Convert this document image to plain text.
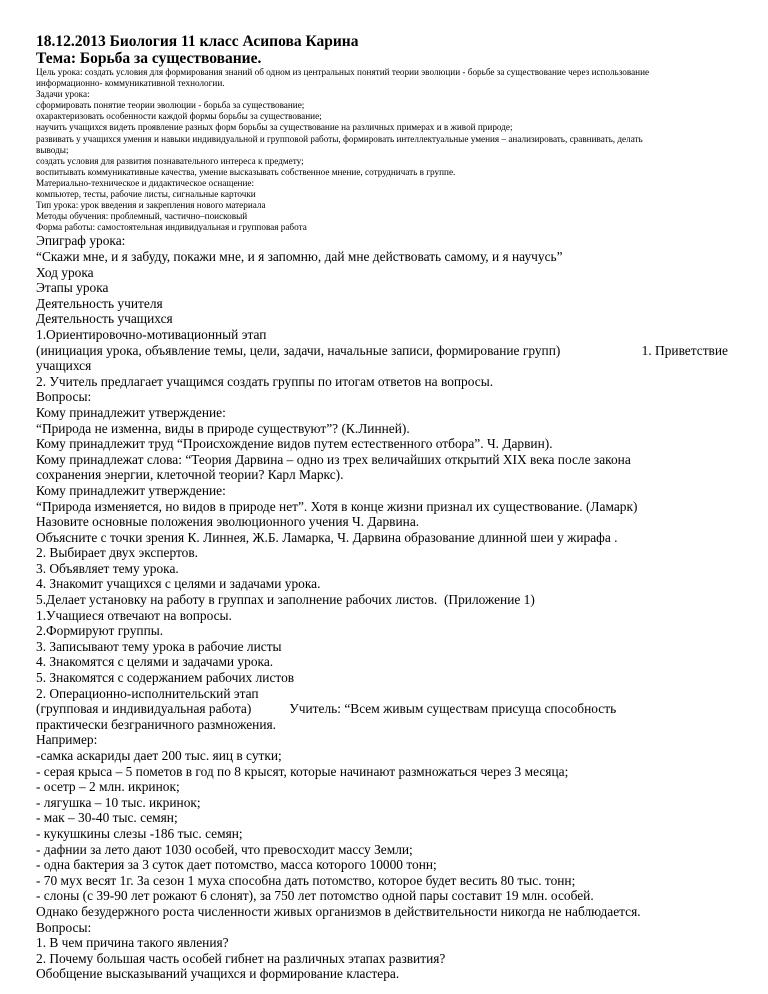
18.12.2013 Биология 11 класс Асипова Карина

Тема: Борьба за существование.

Цель урока: создать условия для формирования знаний об одном из центральных понятий теории эволюции - борьбе за существование через использование

информационно- коммуникативной технологии.

Задачи урока:

сформировать понятие теории эволюции - борьба за существование;

охарактеризовать особенности каждой формы борьбы за существование;

научить учащихся видеть проявление разных форм борьбы за существование на различных примерах и в живой природе;

развивать у учащихся умения и навыки индивидуальной и групповой работы, формировать интеллектуальные умения – анализировать, сравнивать, делать

выводы;

создать условия для развития познавательного интереса к предмету;

воспитывать коммуникативные качества, умение высказывать собственное мнение, сотрудничать в группе.

Материально-техническое и дидактическое оснащение:

компьютер, тесты, рабочие листы, сигнальные карточки

Тип урока: урок введения и закрепления нового материала

Методы обучения: проблемный, частично–поисковый

Форма работы: самостоятельная индивидуальная и групповая работа

Эпиграф урока:

“Скажи мне, и я забуду, покажи мне, и я запомню, дай мне действовать самому, и я научусь”

Ход урока

Этапы урока

Деятельность учителя

Деятельность учащихся

1.Ориентировочно-мотивационный этап

(инициация урока, объявление темы, цели, задачи, начальные записи, формирование групп)	1. Приветствие

учащихся

2. Учитель предлагает учащимся создать группы по итогам ответов на вопросы.

Вопросы:

Кому принадлежит утверждение:

“Природа не изменна, виды в природе существуют”? (К.Линней).

Кому принадлежит труд “Происхождение видов путем естественного отбора”. Ч. Дарвин).

Кому принадлежат слова: “Теория Дарвина – одно из трех величайших открытий XIX века после закона

сохранения энергии, клеточной теории? Карл Маркс).

Кому принадлежит утверждение:

“Природа изменяется, но видов в природе нет”. Хотя в конце жизни признал их существование. (Ламарк)

Назовите основные положения эволюционного учения Ч. Дарвина.

Объясните с точки зрения К. Линнея, Ж.Б. Ламарка, Ч. Дарвина образование длинной шеи у жирафа .

2. Выбирает двух экспертов.

3. Объявляет тему урока.

4. Знакомит учащихся с целями и задачами урока.

5.Делает установку на работу в группах и заполнение рабочих листов.  (Приложение 1)

1.Учащиеся отвечают на вопросы.

2.Формируют группы.

3. Записывают тему урока в рабочие листы

4. Знакомятся с целями и задачами урока.

5. Знакомятся с содержанием рабочих листов

2. Операционно-исполнительский этап

(групповая и индивидуальная работа)	Учитель: “Всем живым существам присуща способность

практически безграничного размножения.

Например:

-самка аскариды дает 200 тыс. яиц в сутки;

- серая крыса – 5 пометов в год по 8 крысят, которые начинают размножаться через 3 месяца;

- осетр – 2 млн. икринок;

- лягушка – 10 тыс. икринок;

- мак – 30-40 тыс. семян;

- кукушкины слезы -186 тыс. семян;

- дафнии за лето дают 1030 особей, что превосходит массу Земли;

- одна бактерия за 3 суток дает потомство, масса которого 10000 тонн;

- 70 мух весят 1г. За сезон 1 муха способна дать потомство, которое будет весить 80 тыс. тонн;

- слоны (с 39-90 лет рожают 6 слонят), за 750 лет потомство одной пары составит 19 млн. особей.

Однако безудержного роста численности живых организмов в действительности никогда не наблюдается.

Вопросы:

1. В чем причина такого явления?

2. Почему большая часть особей гибнет на различных этапах развития?

Обобщение высказываний учащихся и формирование кластера.
